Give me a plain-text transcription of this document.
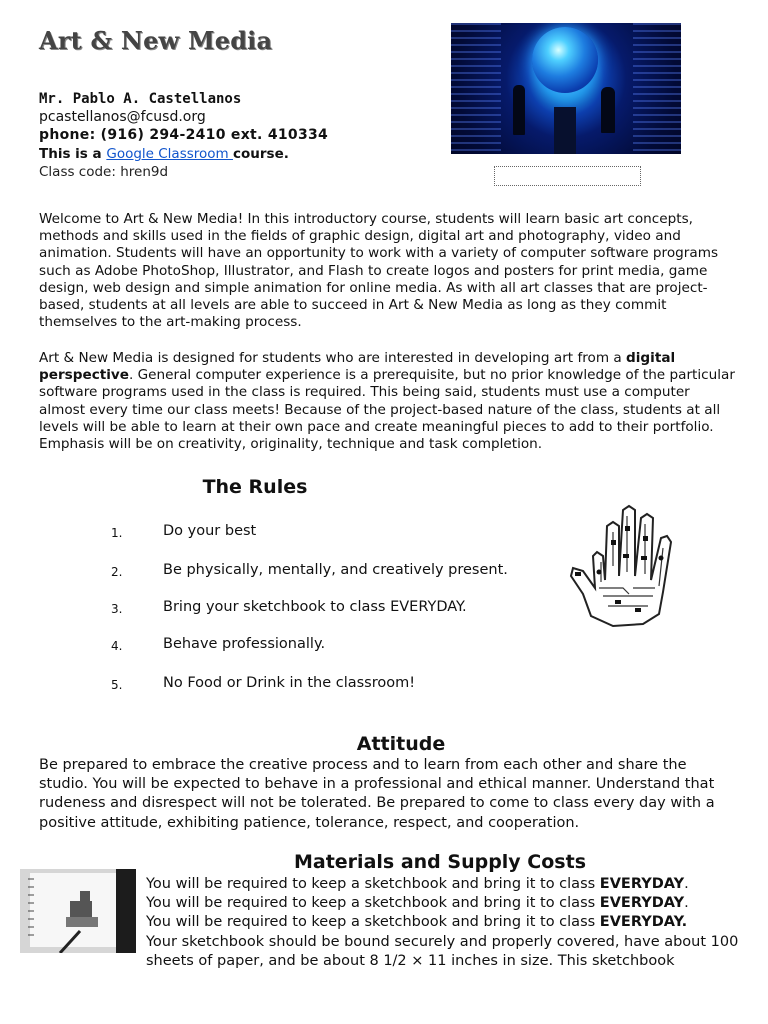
Art & New Media
Mr. Pablo A. Castellanos
pcastellanos@fcusd.org
phone: (916) 294-2410 ext. 410334
This is a Google Classroom course.
Class code: hren9d
Welcome to Art & New Media! In this introductory course, students will learn basic art concepts, methods and skills used in the fields of graphic design, digital art and photography, video and animation. Students will have an opportunity to work with a variety of computer software programs such as Adobe PhotoShop, Illustrator, and Flash to create logos and posters for print media, game design, web design and simple animation for online media. As with all art classes that are project-based, students at all levels are able to succeed in Art & New Media as long as they commit themselves to the art-making process.
Art & New Media is designed for students who are interested in developing art from a digital perspective. General computer experience is a prerequisite, but no prior knowledge of the particular software programs used in the class is required. This being said, students must use a computer almost every time our class meets! Because of the project-based nature of the class, students at all levels will be able to learn at their own pace and create meaningful pieces to add to their portfolio. Emphasis will be on creativity, originality, technique and task completion.
The Rules
1.	Do your best
2.	Be physically, mentally, and creatively present.
3.	Bring your sketchbook to class EVERYDAY.
4.	Behave professionally.
5.	No Food or Drink in the classroom!
Attitude
Be prepared to embrace the creative process and to learn from each other and share the studio. You will be expected to behave in a professional and ethical manner. Understand that rudeness and disrespect will not be tolerated. Be prepared to come to class every day with a positive attitude, exhibiting patience, tolerance, respect, and cooperation.
Materials and Supply Costs
You will be required to keep a sketchbook and bring it to class EVERYDAY.
You will be required to keep a sketchbook and bring it to class EVERYDAY.
You will be required to keep a sketchbook and bring it to class EVERYDAY.
Your sketchbook should be bound securely and properly covered, have about 100 sheets of paper, and be about 8 1/2 × 11 inches in size. This sketchbook
